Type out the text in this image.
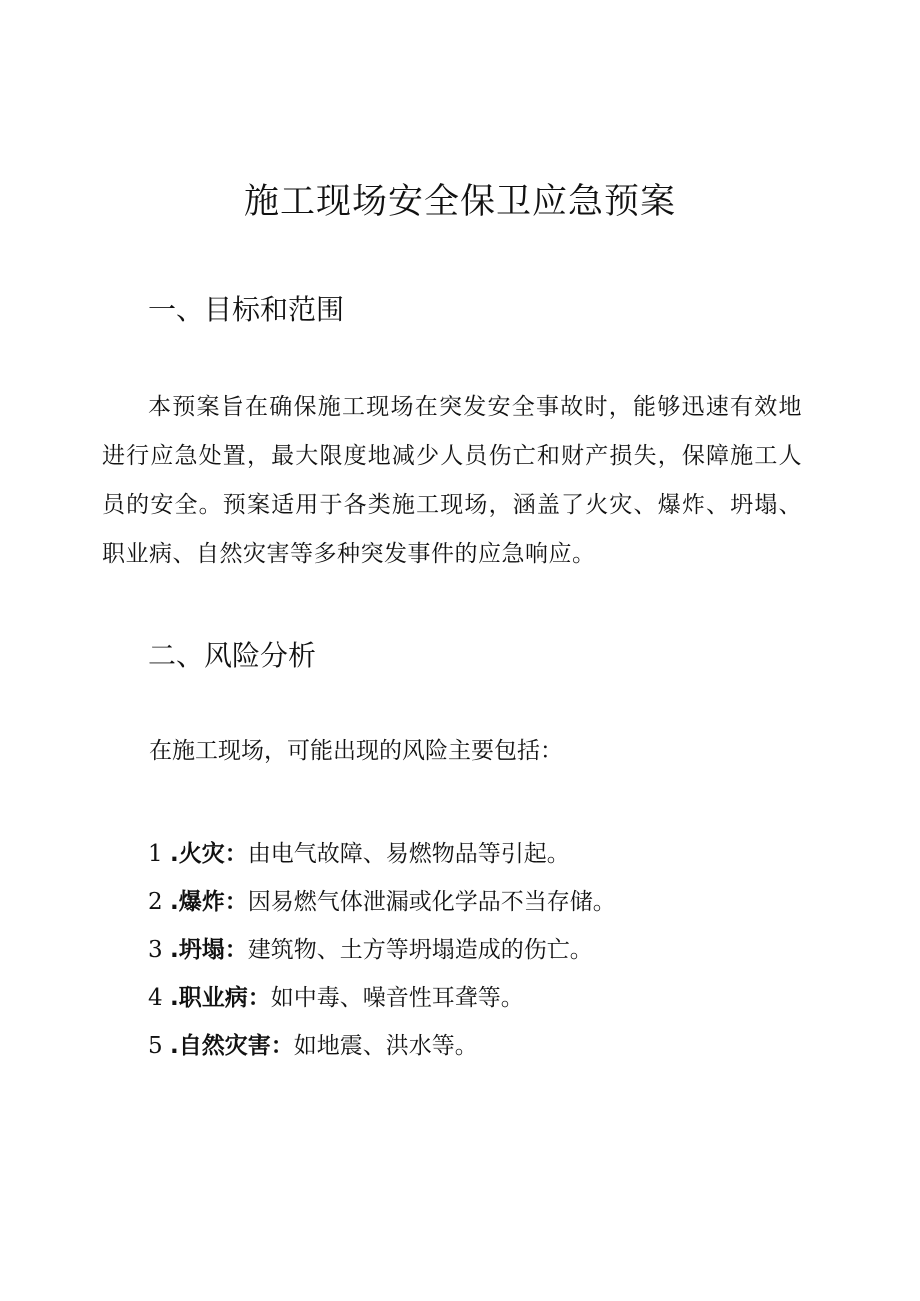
施工现场安全保卫应急预案
一、目标和范围

本预案旨在确保施工现场在突发安全事故时，能够迅速有效地进行应急处置，最大限度地减少人员伤亡和财产损失，保障施工人员的安全。预案适用于各类施工现场，涵盖了火灾、爆炸、坍塌、职业病、自然灾害等多种突发事件的应急响应。

二、风险分析

在施工现场，可能出现的风险主要包括：

1 .火灾：由电气故障、易燃物品等引起。
2 .爆炸：因易燃气体泄漏或化学品不当存储。
3 .坍塌：建筑物、土方等坍塌造成的伤亡。
4 .职业病：如中毒、噪音性耳聋等。
5 .自然灾害：如地震、洪水等。
